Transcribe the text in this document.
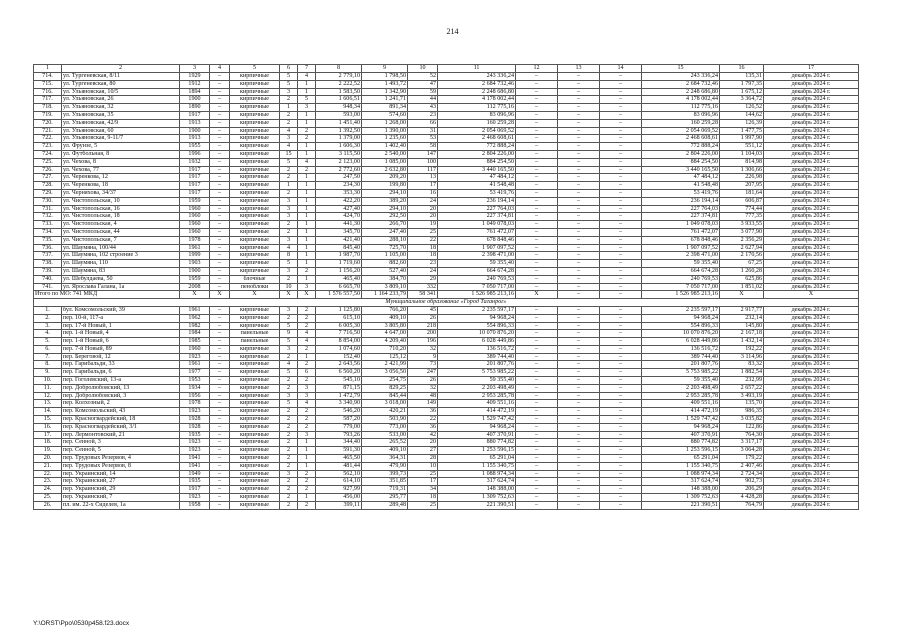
214
1	2	3	4	5	6	7	8	9	10	11	12	13	14	15	16	17
714.	ул. Тургеневская, 8/11	1929	–	кирпичные	5	4	2 779,10	1 798,50	52	243 336,24	–	–	–	243 336,24	135,31	декабрь 2024 г.
715.	ул. Тургеневская, 80	1912	–	кирпичные	5	1	2 222,52	1 493,72	47	2 684 732,46	–	–	–	2 684 732,46	1 797,35	декабрь 2024 г.
716.	ул. Ульяновская, 10/5	1894	–	кирпичные	3	1	1 583,50	1 342,90	59	2 248 686,80	–	–	–	2 248 686,80	1 675,12	декабрь 2024 г.
717.	ул. Ульяновская, 26	1900	–	кирпичные	2	5	1 606,51	1 241,71	44	4 178 002,44	–	–	–	4 178 002,44	3 364,72	декабрь 2024 г.
718.	ул. Ульяновская, 32	1890	–	кирпичные	1	3	948,34	891,34	43	112 775,16	–	–	–	112 775,16	126,52	декабрь 2024 г.
719.	ул. Ульяновская, 35	1917	–	кирпичные	2	1	593,00	574,60	23	83 096,96	–	–	–	83 096,96	144,62	декабрь 2024 г.
720.	ул. Ульяновская, 42/9	1913	–	кирпичные	2	1	1 451,40	1 268,00	66	160 259,28	–	–	–	160 259,28	126,39	декабрь 2024 г.
721.	ул. Ульяновская, 60	1900	–	кирпичные	4	2	1 392,50	1 390,00	31	2 054 069,52	–	–	–	2 054 069,52	1 477,75	декабрь 2024 г.
722.	ул. Ульяновская, 9-11/7	1913	–	кирпичные	3	2	1 379,00	1 235,60	53	2 468 608,61	–	–	–	2 468 608,61	1 997,90	декабрь 2024 г.
723.	ул. Фрунзе, 5	1955	–	кирпичные	4	1	1 606,30	1 402,40	58	772 888,24	–	–	–	772 888,24	551,12	декабрь 2024 г.
724.	ул. Футбольная, 8	1996	–	кирпичные	15	1	3 115,50	2 540,00	147	2 804 226,00	–	–	–	2 804 226,00	1 104,03	декабрь 2024 г.
725.	ул. Чехова, 8	1932	–	кирпичные	5	4	2 123,00	1 085,00	100	884 254,50	–	–	–	884 254,50	814,98	декабрь 2024 г.
726.	ул. Чехова, 77	1917	–	кирпичные	2	2	2 772,60	2 632,80	117	3 440 165,50	–	–	–	3 440 165,50	1 306,66	декабрь 2024 г.
727.	ул. Черенкова, 12	1917	–	кирпичные	2	1	247,50	209,20	13	47 484,12	–	–	–	47 484,12	226,98	декабрь 2024 г.
728.	ул. Черенкова, 18	1917	–	кирпичные	1	1	234,30	199,80	17	41 548,48	–	–	–	41 548,48	207,95	декабрь 2024 г.
729.	ул. Черняхова, 34/37	1917	–	кирпичные	2	1	353,30	294,10	16	53 419,76	–	–	–	53 419,76	181,64	декабрь 2024 г.
730.	ул. Чистопольская, 10	1959	–	кирпичные	3	1	422,20	389,20	24	236 194,14	–	–	–	236 194,14	606,87	декабрь 2024 г.
731.	ул. Чистопольская, 16	1960	–	кирпичные	3	1	427,40	294,10	20	227 764,03	–	–	–	227 764,03	774,44	декабрь 2024 г.
732.	ул. Чистопольская, 18	1960	–	кирпичные	3	1	424,70	292,50	20	227 374,81	–	–	–	227 374,81	777,35	декабрь 2024 г.
733.	ул. Чистопольская, 4	1960	–	кирпичные	2	1	441,30	266,70	19	1 049 078,03	–	–	–	1 049 078,03	3 933,55	декабрь 2024 г.
734.	ул. Чистопольская, 44	1960	–	кирпичные	2	1	345,70	247,40	25	761 472,07	–	–	–	761 472,07	3 077,90	декабрь 2024 г.
735.	ул. Чистопольская, 7	1978	–	кирпичные	3	1	421,40	288,10	22	678 848,46	–	–	–	678 848,46	2 356,29	декабрь 2024 г.
736.	ул. Шаумяна, 100/44	1961	–	кирпичные	4	1	845,40	725,70	18	1 907 097,52	–	–	–	1 907 097,52	2 627,94	декабрь 2024 г.
737.	ул. Шаумяна, 102 строение 3	1999	–	кирпичные	8	1	1 987,70	1 105,00	18	2 398 471,00	–	–	–	2 398 471,00	2 170,56	декабрь 2024 г.
738.	ул. Шаумяна, 110	1903	–	кирпичные	5	1	1 719,60	882,60	23	59 355,40	–	–	–	59 355,40	67,25	декабрь 2024 г.
739.	ул. Шаумяна, 83	1900	–	кирпичные	3	2	1 156,20	527,40	24	664 674,28	–	–	–	664 674,28	1 260,28	декабрь 2024 г.
740.	ул. Шебулдаева, 50	1959	–	блочные	2	1	465,40	384,70	29	240 769,53	–	–	–	240 769,53	625,86	декабрь 2024 г.
741.	ул. Ярослава Галана, 1а	2008	–	пеноблоки	10	3	6 665,70	3 809,10	332	7 050 717,00	–	–	–	7 050 717,00	1 851,02	декабрь 2024 г.
Итого по МО: 741 МКД		X	X	X	X	X	1 576 557,50	1 164 233,79	58 341	1 526 985 213,16	X	–	–	1 526 985 213,16	X	X
Муниципальное образование «Город Таганрог»																
1.	бул. Комсомольский, 39	1961	–	кирпичные	3	2	1 125,80	766,20	45	2 235 597,17	–	–	–	2 235 597,17	2 917,77	декабрь 2024 г.
2.	пер. 10-й, 117-а	1962	–	кирпичные	2	2	615,10	409,10	26	94 968,24	–	–	–	94 968,24	232,14	декабрь 2024 г.
3.	пер. 17-й Новый, 1	1982	–	кирпичные	5	2	6 005,30	3 805,80	218	554 896,33	–	–	–	554 896,33	145,80	декабрь 2024 г.
4.	пер. 1-й Новый, 4	1984	–	панельные	9	4	7 716,50	4 647,00	200	10 070 876,20	–	–	–	10 070 876,20	2 167,18	декабрь 2024 г.
5.	пер. 1-й Новый, 6	1985	–	панельные	5	4	8 854,00	4 209,40	196	6 028 449,86	–	–	–	6 028 449,86	1 432,14	декабрь 2024 г.
6.	пер. 7-й Новый, 89	1960	–	кирпичные	3	2	1 074,60	710,20	32	136 516,72	–	–	–	136 516,72	192,22	декабрь 2024 г.
7.	пер. Береговой, 12	1923	–	кирпичные	2	1	152,40	125,12	9	389 744,40	–	–	–	389 744,40	3 114,96	декабрь 2024 г.
8.	пер. Гарибальди, 33	1961	–	кирпичные	4	2	2 643,56	2 421,99	73	201 807,76	–	–	–	201 807,76	83,32	декабрь 2024 г.
9.	пер. Гарибальди, 6	1977	–	кирпичные	5	6	6 560,20	3 056,50	247	5 753 985,22	–	–	–	5 753 985,22	1 882,54	декабрь 2024 г.
10.	пер. Гоголевский, 13-а	1953	–	кирпичные	2	2	545,10	254,75	26	59 355,40	–	–	–	59 355,40	232,99	декабрь 2024 г.
11.	пер. Добролюбовский, 13	1934	–	кирпичные	2	3	871,15	829,25	32	2 203 498,49	–	–	–	2 203 498,49	2 657,22	декабрь 2024 г.
12.	пер. Добролюбовский, 3	1956	–	кирпичные	3	3	1 472,79	845,44	48	2 953 285,78	–	–	–	2 953 285,78	3 493,19	декабрь 2024 г.
13.	пер. Колхозный, 2	1978	–	кирпичные	5	4	3 340,90	3 018,00	149	409 551,16	–	–	–	409 551,16	135,70	декабрь 2024 г.
14.	пер. Комсомольский, 43	1923	–	кирпичные	2	2	546,20	420,21	36	414 472,19	–	–	–	414 472,19	986,35	декабрь 2024 г.
15.	пер. Красногвардейский, 18	1928	–	кирпичные	2	2	587,20	503,90	22	1 529 747,42	–	–	–	1 529 747,42	3 035,82	декабрь 2024 г.
16.	пер. Красногвардейский, 3/1	1928	–	кирпичные	2	2	779,00	773,00	36	94 968,24	–	–	–	94 968,24	122,86	декабрь 2024 г.
17.	пер. Лермонтовский, 21	1935	–	кирпичные	2	3	793,26	533,00	42	407 370,91	–	–	–	407 370,91	764,30	декабрь 2024 г.
18.	пер. Сенной, 3	1923	–	кирпичные	2	1	344,40	265,52	20	880 774,82	–	–	–	880 774,82	3 317,17	декабрь 2024 г.
19.	пер. Сенной, 5	1923	–	кирпичные	2	1	591,30	409,10	27	1 253 596,15	–	–	–	1 253 596,15	3 064,28	декабрь 2024 г.
20.	пер. Трудовых Резервов, 4	1941	–	кирпичные	2	1	465,50	364,31	28	65 291,04	–	–	–	65 291,04	179,22	декабрь 2024 г.
21.	пер. Трудовых Резервов, 8	1941	–	кирпичные	2	1	481,44	479,90	10	1 155 340,75	–	–	–	1 155 340,75	2 407,46	декабрь 2024 г.
22.	пер. Украинский, 14	1949	–	кирпичные	3	2	562,10	399,73	25	1 088 974,34	–	–	–	1 088 974,34	2 724,34	декабрь 2024 г.
23.	пер. Украинский, 27	1935	–	кирпичные	2	2	614,10	351,85	17	317 624,74	–	–	–	317 624,74	902,73	декабрь 2024 г.
24.	пер. Украинский, 29	1917	–	кирпичные	2	2	927,99	719,31	34	148 388,00	–	–	–	148 388,00	206,29	декабрь 2024 г.
25.	пер. Украинский, 7	1923	–	кирпичные	2	1	456,00	295,77	18	1 309 752,63	–	–	–	1 309 752,63	4 428,28	декабрь 2024 г.
26.	пл. им. 22-х Сиделев, 1а	1958	–	кирпичные	2	2	399,11	289,48	25	221 390,51	–	–	–	221 390,51	764,79	декабрь 2024 г.
Y:\ORST\Ppo\0530p458.f23.docx
